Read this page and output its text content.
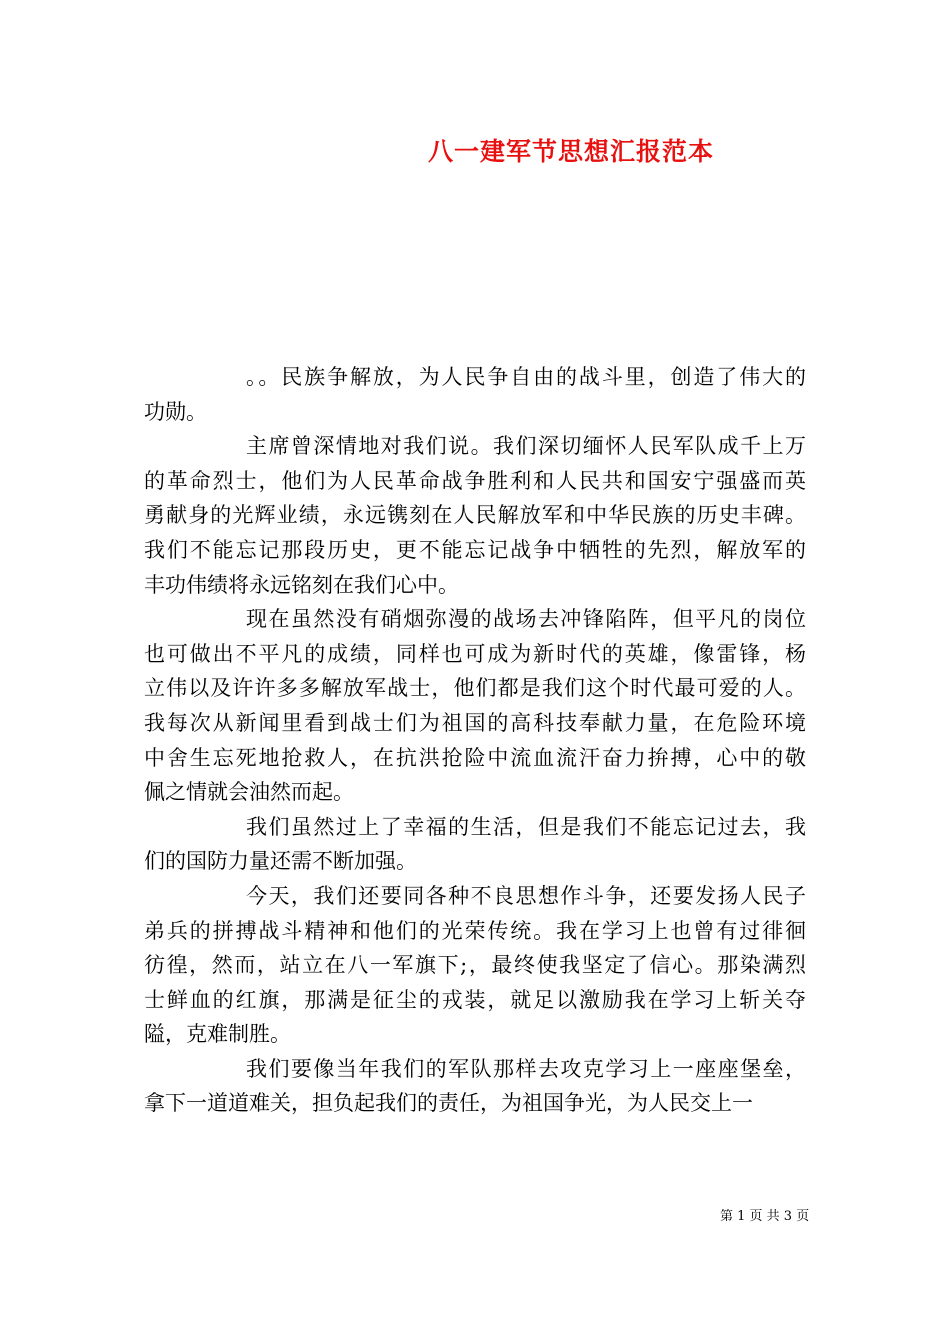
八一建军节思想汇报范本
。。民族争解放，为人民争自由的战斗里，创造了伟大的
功勋。
主席曾深情地对我们说。我们深切缅怀人民军队成千上万
的革命烈士，他们为人民革命战争胜利和人民共和国安宁强盛而英
勇献身的光辉业绩，永远镌刻在人民解放军和中华民族的历史丰碑。
我们不能忘记那段历史，更不能忘记战争中牺牲的先烈，解放军的
丰功伟绩将永远铭刻在我们心中。
现在虽然没有硝烟弥漫的战场去冲锋陷阵，但平凡的岗位
也可做出不平凡的成绩，同样也可成为新时代的英雄，像雷锋，杨
立伟以及许许多多解放军战士，他们都是我们这个时代最可爱的人。
我每次从新闻里看到战士们为祖国的高科技奉献力量，在危险环境
中舍生忘死地抢救人，在抗洪抢险中流血流汗奋力拚搏，心中的敬
佩之情就会油然而起。
我们虽然过上了幸福的生活，但是我们不能忘记过去，我
们的国防力量还需不断加强。
今天，我们还要同各种不良思想作斗争，还要发扬人民子
弟兵的拼搏战斗精神和他们的光荣传统。我在学习上也曾有过徘徊
彷徨，然而，站立在八一军旗下;，最终使我坚定了信心。那染满烈
士鲜血的红旗，那满是征尘的戎装，就足以激励我在学习上斩关夺
隘，克难制胜。
我们要像当年我们的军队那样去攻克学习上一座座堡垒，
拿下一道道难关，担负起我们的责任，为祖国争光，为人民交上一
第 1 页 共 3 页
